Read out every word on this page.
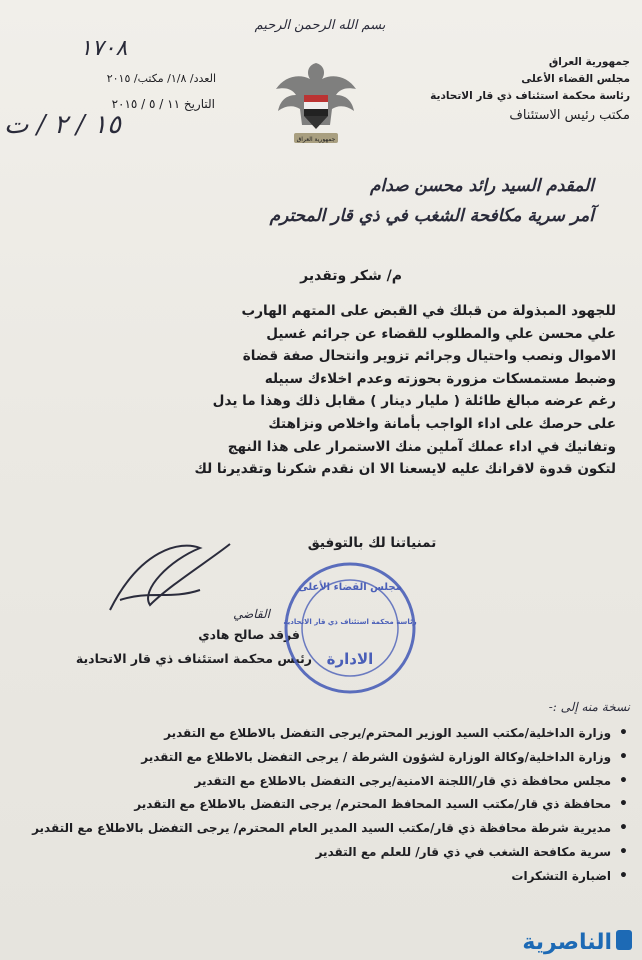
بسم الله الرحمن الرحيم
جمهورية العراق
مجلس القضاء الأعلى
رئاسة محكمة استئناف ذي قار الاتحادية
مكتب رئيس الاستئناف
جمهورية العراق
١٧٠٨
العدد/ ١/٨/ مكتب/ ٢٠١٥
التاريخ ١١ / ٥ / ٢٠١٥
١٥ / ٢ / ت
المقدم السيد رائد محسن صدام
آمر سرية مكافحة الشغب في ذي قار المحترم
م/ شكر وتقدير
للجهود المبذولة من قبلك في القبض على المتهم الهارب
علي محسن علي والمطلوب للقضاء عن جرائم غسيل
الاموال ونصب واحتيال وجرائم تزوير وانتحال صفة قضاة
وضبط مستمسكات مزورة بحوزته وعدم اخلاءك سبيله
رغم عرضه مبالغ طائلة ( مليار دينار ) مقابل ذلك وهذا ما يدل
على حرصك على اداء الواجب بأمانة واخلاص ونزاهتك
وتفانيك في اداء عملك آملين منك الاستمرار على هذا النهج
لتكون قدوة لاقرانك عليه لايسعنا الا ان نقدم شكرنا وتقديرنا لك
تمنياتنا لك بالتوفيق
القاضي
فرقد صالح هادي
رئيس محكمة استئناف ذي قار الاتحادية
مجلس القضاء الأعلى
رئاسة محكمة استئناف ذي قار الاتحادية
الادارة
نسخة منه إلى :-
• وزارة الداخلية/مكتب السيد الوزير المحترم/يرجى التفضل بالاطلاع مع التقدير
• وزارة الداخلية/وكالة الوزارة لشؤون الشرطة / يرجى التفضل بالاطلاع مع التقدير
• مجلس محافظة ذي قار/اللجنة الامنية/يرجى التفضل بالاطلاع مع التقدير
• محافظة ذي قار/مكتب السيد المحافظ المحترم/ يرجى التفضل بالاطلاع مع التقدير
• مديرية شرطة محافظة ذي قار/مكتب السيد المدير العام المحترم/ يرجى التفضل بالاطلاع مع التقدير
• سرية مكافحة الشغب في ذي قار/ للعلم مع التقدير
• اضبارة التشكرات
الناصرية
